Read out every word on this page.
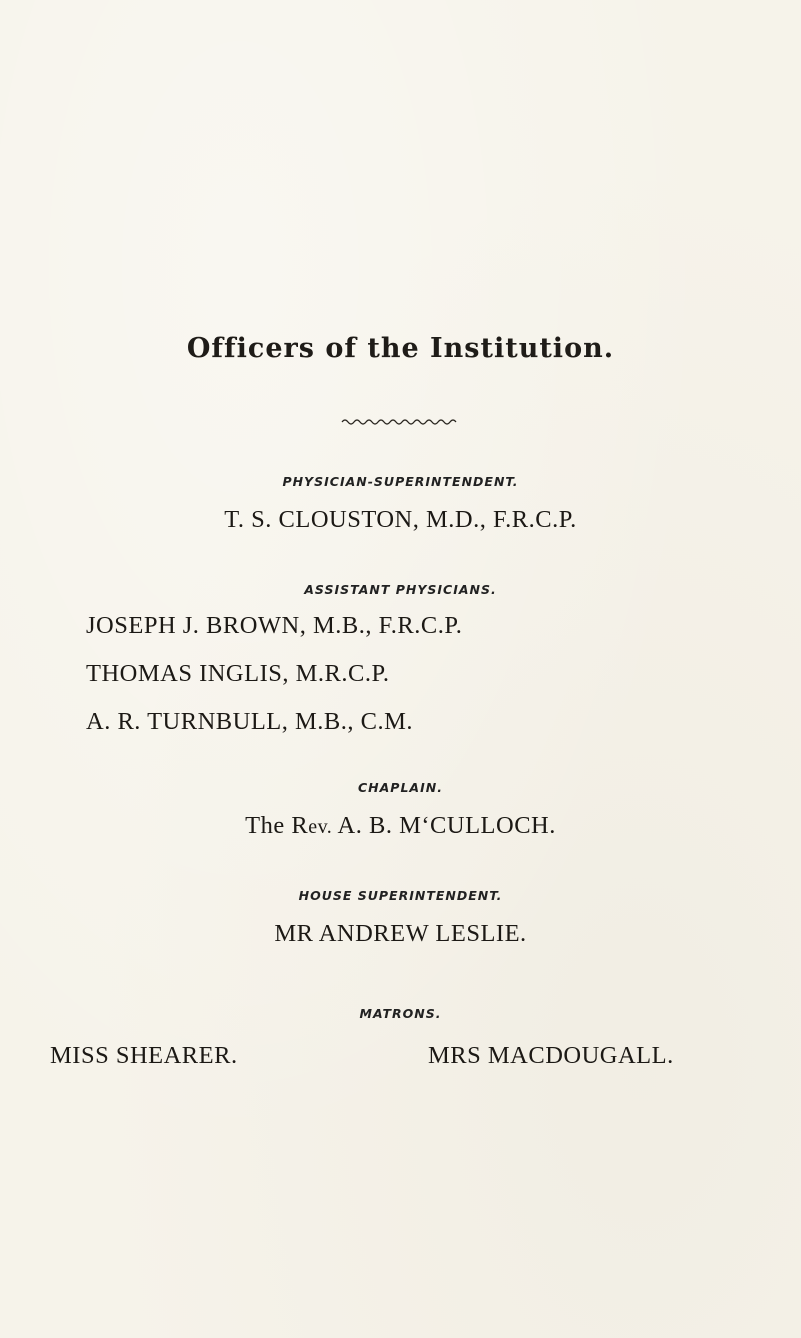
Officers of the Institution.

PHYSICIAN-SUPERINTENDENT.

T. S. CLOUSTON, M.D., F.R.C.P.

ASSISTANT PHYSICIANS.

JOSEPH J. BROWN, M.B., F.R.C.P.

THOMAS INGLIS, M.R.C.P.

A. R. TURNBULL, M.B., C.M.

CHAPLAIN.

The Rev. A. B. M‘CULLOCH.

HOUSE SUPERINTENDENT.

MR ANDREW LESLIE.

MATRONS.

MISS SHEARER.	MRS MACDOUGALL.
